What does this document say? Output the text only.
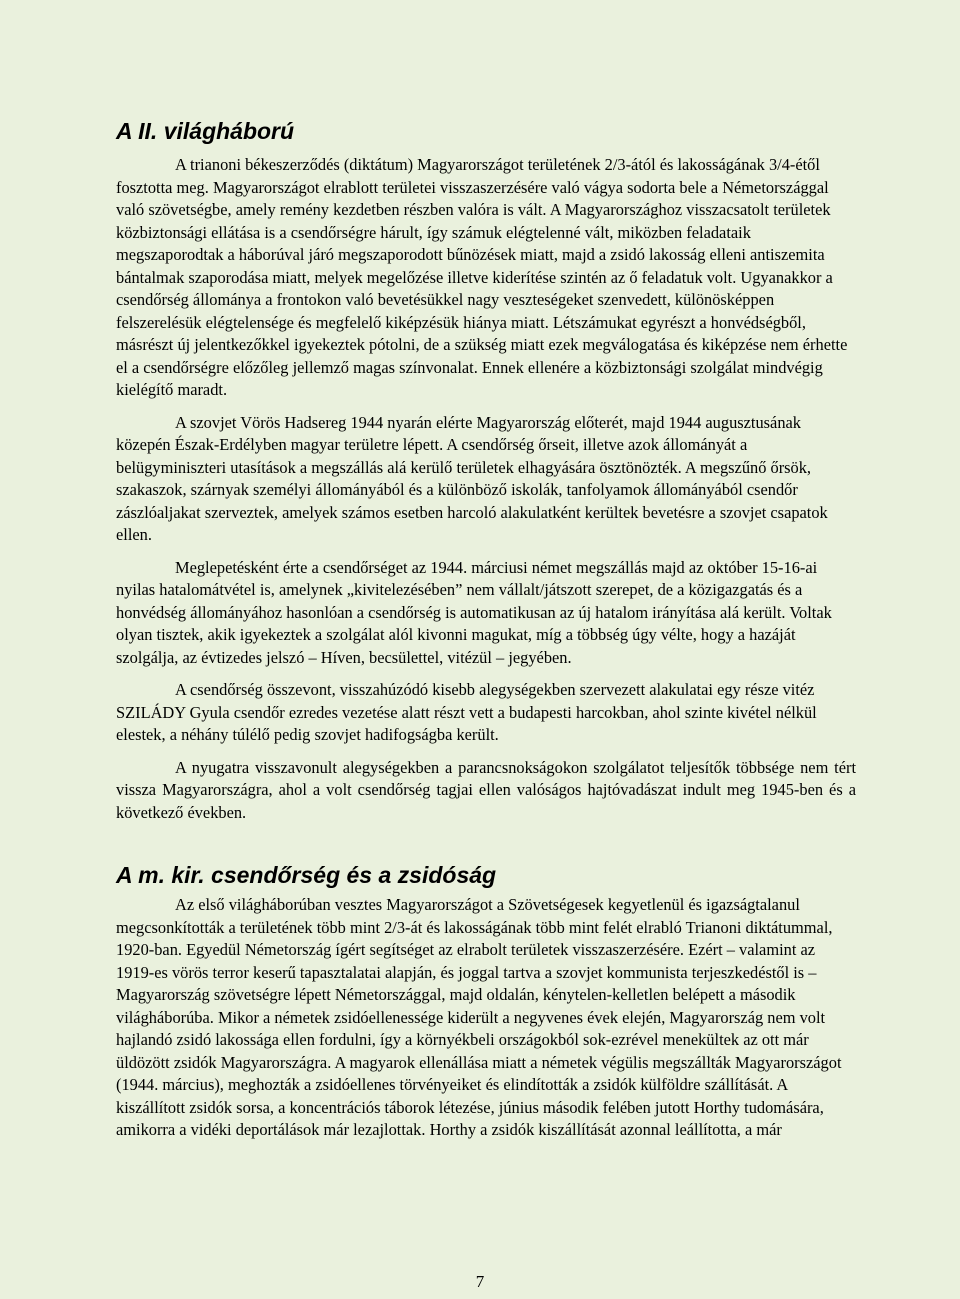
A II. világháború

A trianoni békeszerződés (diktátum) Magyarországot területének 2/3-ától és lakosságának 3/4-étől fosztotta meg. Magyarországot elrablott területei visszaszerzésére való vágya sodorta bele a Németországgal való szövetségbe, amely remény kezdetben részben valóra is vált. A Magyarországhoz visszacsatolt területek közbiztonsági ellátása is a csendőrségre hárult, így számuk elégtelenné vált, miközben feladataik megszaporodtak a háborúval járó megszaporodott bűnözések miatt, majd a zsidó lakosság elleni antiszemita bántalmak szaporodása miatt, melyek megelőzése illetve kiderítése szintén az ő feladatuk volt. Ugyanakkor a csendőrség állománya a frontokon való bevetésükkel nagy veszteségeket szenvedett, különösképpen felszerelésük elégtelensége és megfelelő kiképzésük hiánya miatt. Létszámukat egyrészt a honvédségből, másrészt új jelentkezőkkel igyekeztek pótolni, de a szükség miatt ezek megválogatása és kiképzése nem érhette el a csendőrségre előzőleg jellemző magas színvonalat. Ennek ellenére a közbiztonsági szolgálat mindvégig kielégítő maradt.

A szovjet Vörös Hadsereg 1944 nyarán elérte Magyarország előterét, majd 1944 augusztusának közepén Észak-Erdélyben magyar területre lépett. A csendőrség őrseit, illetve azok állományát a belügyminiszteri utasítások a megszállás alá kerülő területek elhagyására ösztönözték. A megszűnő őrsök, szakaszok, szárnyak személyi állományából és a különböző iskolák, tanfolyamok állományából csendőr zászlóaljakat szerveztek, amelyek számos esetben harcoló alakulatként kerültek bevetésre a szovjet csapatok ellen.

Meglepetésként érte a csendőrséget az 1944. márciusi német megszállás majd az október 15-16-ai nyilas hatalomátvétel is, amelynek „kivitelezésében” nem vállalt/játszott szerepet, de a közigazgatás és a honvédség állományához hasonlóan a csendőrség is automatikusan az új hatalom irányítása alá került. Voltak olyan tisztek, akik igyekeztek a szolgálat alól kivonni magukat, míg a többség úgy vélte, hogy a hazáját szolgálja, az évtizedes jelszó – Híven, becsülettel, vitézül – jegyében.

A csendőrség összevont, visszahúzódó kisebb alegységekben szervezett alakulatai egy része vitéz SZILÁDY Gyula csendőr ezredes vezetése alatt részt vett a budapesti harcokban, ahol szinte kivétel nélkül elestek, a néhány túlélő pedig szovjet hadifogságba került.

A nyugatra visszavonult alegységekben a parancsnokságokon szolgálatot teljesítők többsége nem tért vissza Magyarországra, ahol a volt csendőrség tagjai ellen valóságos hajtóvadászat indult meg 1945-ben és a következő években.

A m. kir. csendőrség és a zsidóság

Az első világháborúban vesztes Magyarországot a Szövetségesek kegyetlenül és igazságtalanul megcsonkították a területének több mint 2/3-át és lakosságának több mint felét elrabló Trianoni diktátummal, 1920-ban. Egyedül Németország ígért segítséget az elrabolt területek visszaszerzésére. Ezért – valamint az 1919-es vörös terror keserű tapasztalatai alapján, és joggal tartva a szovjet kommunista terjeszkedéstől is – Magyarország szövetségre lépett Németországgal, majd oldalán, kénytelen-kelletlen belépett a második világháborúba. Mikor a németek zsidóellenessége kiderült a negyvenes évek elején, Magyarország nem volt hajlandó zsidó lakossága ellen fordulni, így a környékbeli országokból sok-ezrével menekültek az ott már üldözött zsidók Magyarországra. A magyarok ellenállása miatt a németek végülis megszállták Magyarországot (1944. március), meghozták a zsidóellenes törvényeiket és elindították a zsidók külföldre szállítását. A kiszállított zsidók sorsa, a koncentrációs táborok létezése, június második felében jutott Horthy tudomására, amikorra a vidéki deportálások már lezajlottak. Horthy a zsidók kiszállítását azonnal leállította, a már

7
